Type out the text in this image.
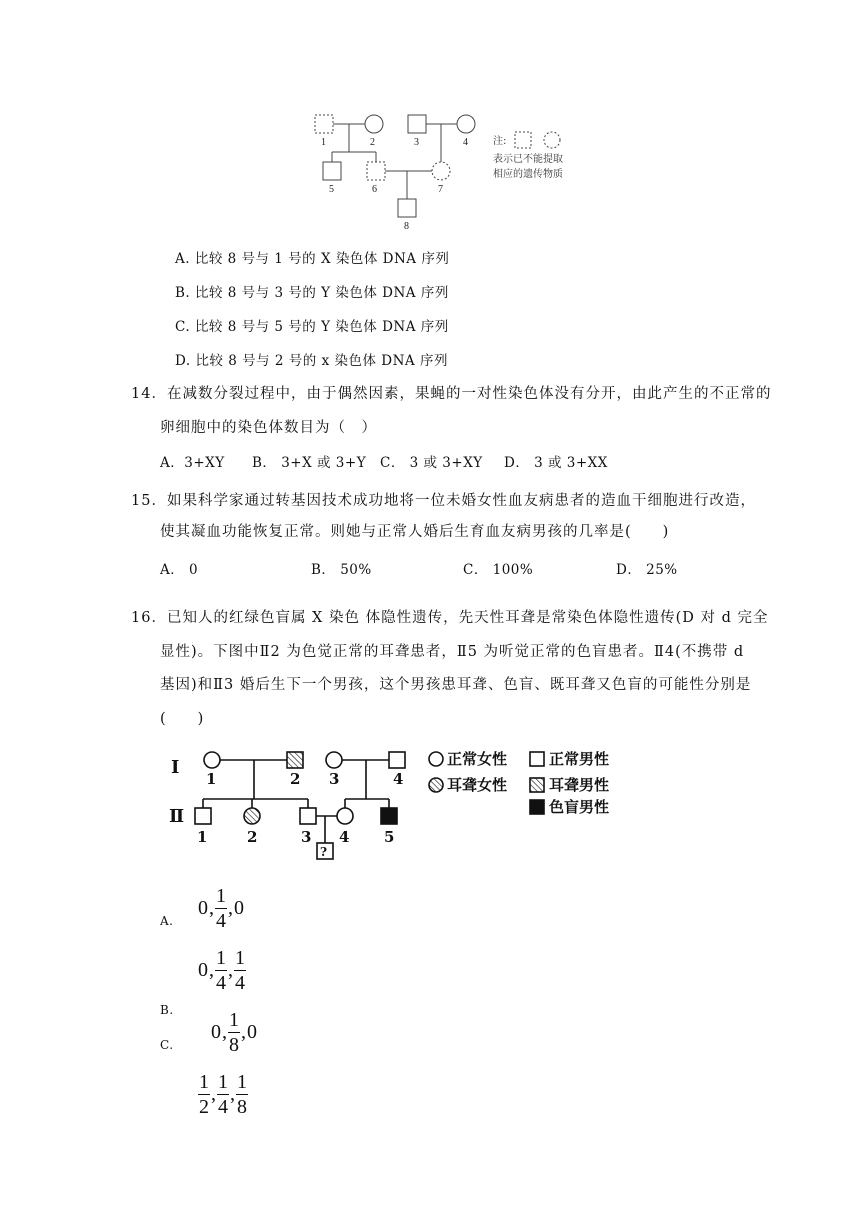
1	2	3	4
5	6	7
8
注:
表示已不能提取
相应的遗传物质
A. 比较 8 号与 1 号的 X 染色体 DNA 序列
B. 比较 8 号与 3 号的 Y 染色体 DNA 序列
C. 比较 8 号与 5 号的 Y 染色体 DNA 序列
D. 比较 8 号与 2 号的 x 染色体 DNA 序列
14．在减数分裂过程中，由于偶然因素，果蝇的一对性染色体没有分开，由此产生的不正常的
卵细胞中的染色体数目为（　）
A．3+XY B． 3+X 或 3+Y C． 3 或 3+XY D． 3 或 3+XX
15．如果科学家通过转基因技术成功地将一位未婚女性血友病患者的造血干细胞进行改造，
使其凝血功能恢复正常。则她与正常人婚后生育血友病男孩的几率是(　　)
A． 0	B． 50%	C． 100%	D． 25%
16．已知人的红绿色盲属 X 染色 体隐性遗传，先天性耳聋是常染色体隐性遗传(D 对 d 完全
显性)。下图中Ⅱ2 为色觉正常的耳聋患者，Ⅱ5 为听觉正常的色盲患者。Ⅱ4(不携带 d
基因)和Ⅱ3 婚后生下一个男孩，这个男孩患耳聋、色盲、既耳聋又色盲的可能性分别是
(　　)
Ⅰ
Ⅱ
1	2 3	4
1	2	3 4 5
?
正常女性	正常男性
耳聋女性	耳聋男性
色盲男性
A.
0 , $\frac{1}{4}$ , 0
0 , $\frac{1}{4}$ , $\frac{1}{4}$
B.
C.
0 , $\frac{1}{8}$ , 0
$\frac{1}{2}$ , $\frac{1}{4}$ , $\frac{1}{8}$
